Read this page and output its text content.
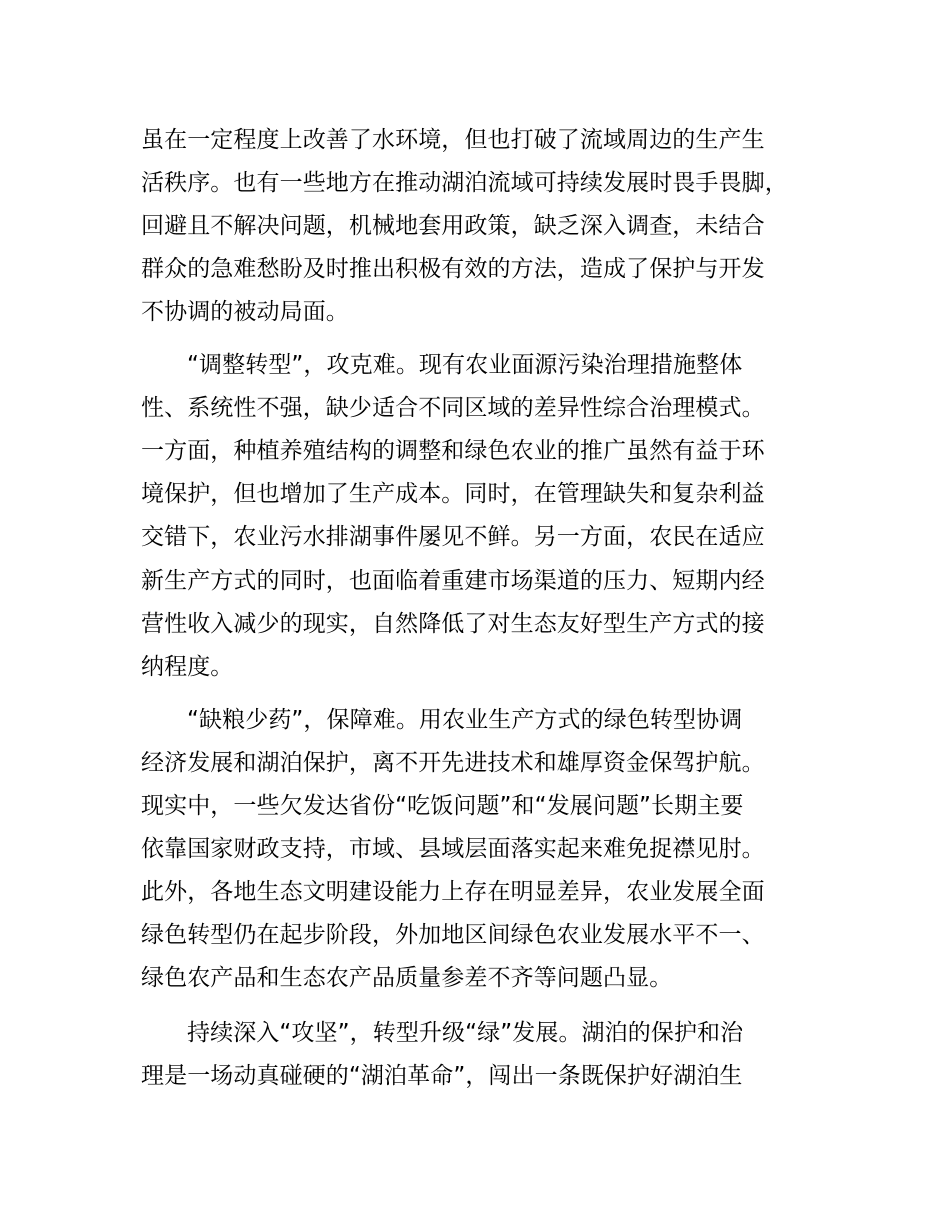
虽在一定程度上改善了水环境，但也打破了流域周边的生产生
活秩序。也有一些地方在推动湖泊流域可持续发展时畏手畏脚，
回避且不解决问题，机械地套用政策，缺乏深入调查，未结合
群众的急难愁盼及时推出积极有效的方法，造成了保护与开发
不协调的被动局面。
“调整转型”，攻克难。现有农业面源污染治理措施整体
性、系统性不强，缺少适合不同区域的差异性综合治理模式。
一方面，种植养殖结构的调整和绿色农业的推广虽然有益于环
境保护，但也增加了生产成本。同时，在管理缺失和复杂利益
交错下，农业污水排湖事件屡见不鲜。另一方面，农民在适应
新生产方式的同时，也面临着重建市场渠道的压力、短期内经
营性收入减少的现实，自然降低了对生态友好型生产方式的接
纳程度。
“缺粮少药”，保障难。用农业生产方式的绿色转型协调
经济发展和湖泊保护，离不开先进技术和雄厚资金保驾护航。
现实中，一些欠发达省份“吃饭问题”和“发展问题”长期主要
依靠国家财政支持，市域、县域层面落实起来难免捉襟见肘。
此外，各地生态文明建设能力上存在明显差异，农业发展全面
绿色转型仍在起步阶段，外加地区间绿色农业发展水平不一、
绿色农产品和生态农产品质量参差不齐等问题凸显。
持续深入“攻坚”，转型升级“绿”发展。湖泊的保护和治
理是一场动真碰硬的“湖泊革命”，闯出一条既保护好湖泊生
